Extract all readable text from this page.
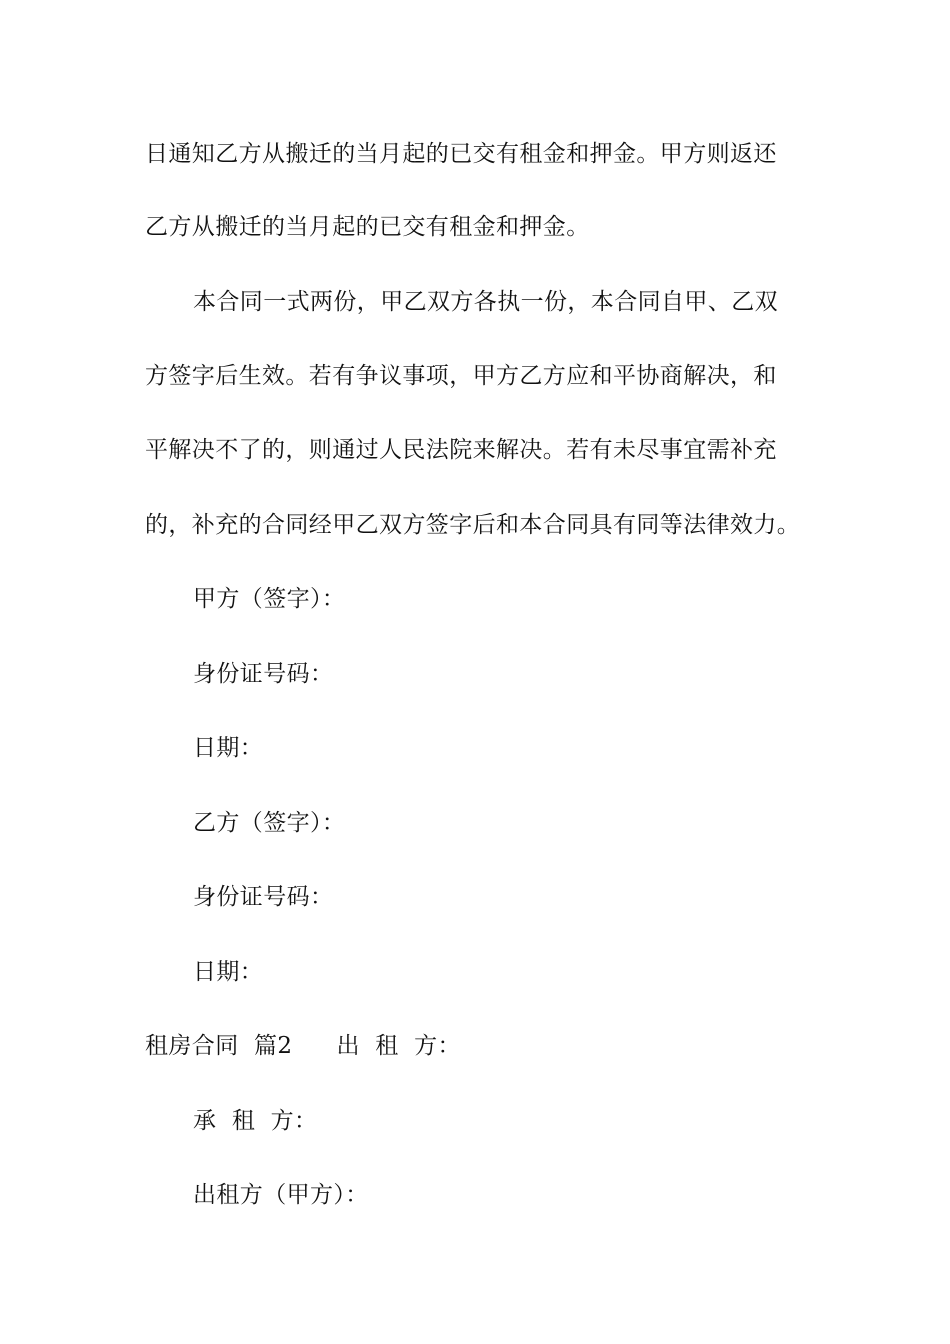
日通知乙方从搬迁的当月起的已交有租金和押金。甲方则返还
乙方从搬迁的当月起的已交有租金和押金。
本合同一式两份，甲乙双方各执一份，本合同自甲、乙双
方签字后生效。若有争议事项，甲方乙方应和平协商解决，和
平解决不了的，则通过人民法院来解决。若有未尽事宜需补充
的，补充的合同经甲乙双方签字后和本合同具有同等法律效力。
甲方（签字）：
身份证号码：
日期：
乙方（签字）：
身份证号码：
日期：
租房合同  篇2 出  租  方：
承  租  方：
出租方（甲方）：
